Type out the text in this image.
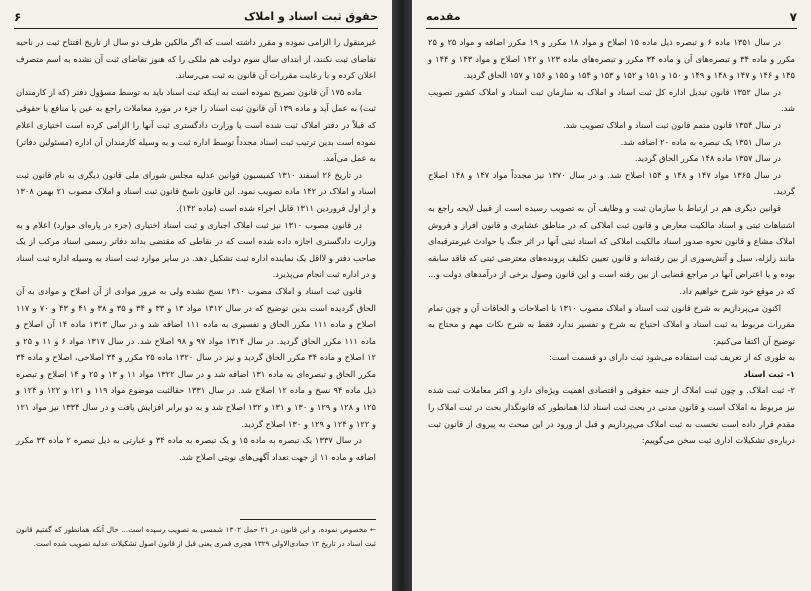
حقوق ثبت اسناد و املاک
۶

غیرمنقول را الزامی نموده و مقرر داشته است که اگر مالکین ظرف دو سال از تاریخ افتتاح ثبت در ناحیه تقاضای ثبت نکنند، از ابتدای سال سوم دولت هم ملکی را که هنوز تقاضای ثبت آن نشده به اسم متصرف اعلان کرده و با رعایت مقررات آن قانون به ثبت می‌رساند.

ماده ۱۷۵ آن قانون تصریح نموده است به اینکه ثبت اسناد باید به توسط مسؤول دفتر (که از کارمندان ثبت) به عمل آید و ماده ۱۳۹ آن قانون ثبت اسناد را جزء در مورد معاملات راجع به عین یا منافع یا حقوقی که قبلاً در دفتر املاک ثبت شده است یا وزارت دادگستری ثبت آنها را الزامی کرده است اختیاری اعلام نموده است بدین ترتیب ثبت اسناد مجدداً توسط اداره ثبت و به وسیله کارمندان آن اداره (مسئولین دفاتر) به عمل می‌آمد.

در تاریخ ۲۶ اسفند ۱۳۱۰ کمیسیون قوانین عدلیه مجلس شورای ملی قانون دیگری به نام قانون ثبت اسناد و املاک در ۱۴۲ ماده تصویب نمود. این قانون ناسخ قانون ثبت اسناد و املاک مصوب ۲۱ بهمن ۱۳۰۸ و از اول فروردین ۱۳۱۱ قابل اجراء شده است (ماده ۱۴۲).

در قانون مصوب ۱۳۱۰ نیز ثبت املاک اجباری و ثبت اسناد اختیاری (جزء در پاره‌ای موارد) اعلام و به وزارت دادگستری اجازه داده شده است که در نقاطی که مقتضی بداند دفاتر رسمی اسناد مرکب از یک صاحب دفتر و لااقل یک نماینده اداره ثبت تشکیل دهد. در سایر موارد ثبت اسناد به وسیله اداره ثبت اسناد و در اداره ثبت انجام می‌پذیرد.

قانون ثبت اسناد و املاک مصوب ۱۳۱۰ نسخ نشده ولی به مرور موادی از آن اصلاح و موادی به آن الحاق گردیده است بدین توضیح که در سال ۱۳۱۲ مواد ۱۳ و ۳۳ و ۳۴ و ۳۵ و ۳۸ و ۴۱ و ۴۳ و ۷۰ و ۱۱۷ اصلاح و ماده ۱۱۱ مکرر الحاق و تفسیری به ماده ۱۱۱ اضافه شد و در سال ۱۳۱۳ ماده ۱۴ آن اصلاح و ماده ۱۱۱ مکرر الحاق گردید. در سال ۱۳۱۴ مواد ۹۷ و ۹۸ اصلاح شد. در سال ۱۳۱۷ مواد ۶ و ۱۱ و ۲۵ و ۱۲ اصلاح و ماده ۳۴ مکرر الحاق گردید و نیز در سال ۱۳۲۰ ماده ۲۵ مکرر و ۳۴ اصلاحی، اصلاح و ماده ۳۴ مکرر الحاق و تبصره‌ای به ماده ۱۳۱ اضافه شد و در سال ۱۳۲۲ مواد ۱۱ و ۱۳ و ۲۵ و ۱۴ اصلاح و تبصره ذیل ماده ۹۴ نسخ و ماده ۱۲ اصلاح شد. در سال ۱۳۳۱ حقالثبت موضوع مواد ۱۱۹ و ۱۲۱ و ۱۲۲ و ۱۲۴ و ۱۲۵ و ۱۲۸ و ۱۲۹ و ۱۳۰ و ۱۳۱ و ۱۳۲ اصلاح شد و به دو برابر افزایش یافت و در سال ۱۳۳۴ نیز مواد ۱۲۱ و ۱۲۲ و ۱۲۴ و ۱۲۹ و ۱۳۰ اصلاح گردید.

در سال ۱۳۳۷ یک تبصره به ماده ۱۵ و یک تبصره به ماده ۳۴ و عبارتی به ذیل تبصره ۲ ماده ۳۴ مکرر اضافه و ماده ۱۱ از جهت تعداد آگهی‌های نوبتی اصلاح شد.

← مخصوص نموده، و این قانون در ۲۱ حمل ۱۳۰۲ شمسی به تصویب رسیده است... حال آنکه همانطور که گفتیم قانون ثبت اسناد در تاریخ ۱۲ جمادی‌الاولی ۱۳۲۹ هجری قمری یعنی قبل از قانون اصول تشکیلات عدلیه تصویب شده است.
مقدمه	۷

در سال ۱۳۵۱ ماده ۶ و تبصره ذیل ماده ۱۵ اصلاح و مواد ۱۸ مکرر و ۱۹ مکرر اضافه و مواد ۲۵ و ۲۵ مکرر و ماده ۳۴ و تبصره‌های آن و ماده ۳۴ مکرر و تبصره‌های ماده ۱۲۳ و ۱۴۲ اصلاح و مواد ۱۴۳ و ۱۴۴ و ۱۴۵ و ۱۴۶ و ۱۴۷ و ۱۴۸ و ۱۴۹ و ۱۵۰ و ۱۵۱ و ۱۵۲ و ۱۵۳ و ۱۵۴ و ۱۵۵ و ۱۵۶ و ۱۵۷ الحاق گردید.

در سال ۱۳۵۲ قانون تبدیل اداره کل ثبت اسناد و املاک به سازمان ثبت اسناد و املاک کشور تصویب شد.

در سال ۱۳۵۴ قانون متمم قانون ثبت اسناد و املاک تصویب شد.

در سال ۱۳۵۱ یک تبصره به ماده ۲۰ اضافه شد.

در سال ۱۳۵۷ ماده ۱۴۸ مکرر الحاق گردید.

در سال ۱۳۶۵ مواد ۱۴۷ و ۱۴۸ و ۱۵۴ اصلاح شد. و در سال ۱۳۷۰ نیز مجدداً مواد ۱۴۷ و ۱۴۸ اصلاح گردید.

قوانین دیگری هم در ارتباط با سازمان ثبت و وظایف آن به تصویب رسیده است از قبیل لایحه راجع به اشتباهات ثبتی و اسناد مالکیت معارض و قانون ثبت املاکی که در مناطق عشایری و قانون افراز و فروش املاک مشاع و قانون نحوه صدور اسناد مالکیت املاکی که اسناد ثبتی آنها در اثر جنگ یا حوادث غیرمترقبه‌ای مانند زلزله، سیل و آتش‌سوزی از بین رفته‌اند و قانون تعیین تکلیف پرونده‌های معترضی ثبتی که فاقد سابقه بوده و یا اعتراض آنها در مراجع قضایی از بین رفته است و این قانون وصول برخی از درآمدهای دولت و... که در موقع خود شرح خواهیم داد.

اکنون می‌پردازیم به شرح قانون ثبت اسناد و املاک مصوب ۱۳۱۰ با اصلاحات و الحاقات آن و چون تمام مقررات مربوط به ثبت اسناد و املاک احتیاج به شرح و تفسیر ندارد فقط به شرح نکات مهم و محتاج به توضیح آن اکتفا می‌کنیم:

به طوری که از تعریف ثبت استفاده می‌شود ثبت دارای دو قسمت است:

۱- ثبت اسناد

۲- ثبت املاک. و چون ثبت املاک از جنبه حقوقی و اقتصادی اهمیت ویژه‌ای دارد و اکثر معاملات ثبت شده نیز مربوط به املاک است و قانون مدنی در بحث ثبت اسناد لذا همانطور که قانونگذار بحث در ثبت املاک را مقدم قرار داده است نخست به ثبت املاک می‌پردازیم و قبل از ورود در این مبحث به پیروی از قانون ثبت درباره‌ی تشکیلات اداری ثبت سخن می‌گوییم:
